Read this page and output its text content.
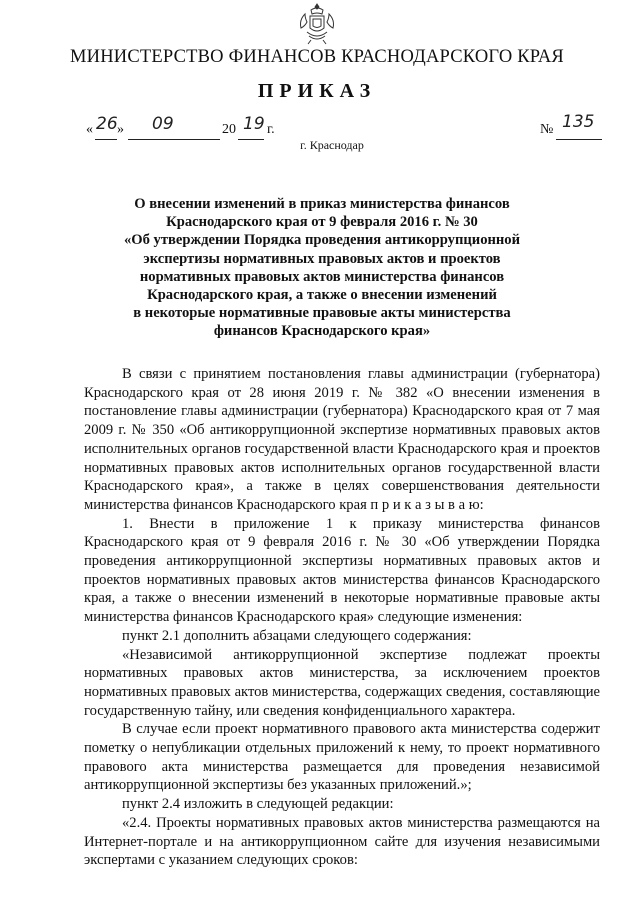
МИНИСТЕРСТВО ФИНАНСОВ КРАСНОДАРСКОГО КРАЯ
ПРИКАЗ
« 26 » 09	20 19 г.	№ 135
г. Краснодар
О внесении изменений в приказ министерства финансов
Краснодарского края от 9 февраля 2016 г. № 30
«Об утверждении Порядка проведения антикоррупционной
экспертизы нормативных правовых актов и проектов
нормативных правовых актов министерства финансов
Краснодарского края, а также о внесении изменений
в некоторые нормативные правовые акты министерства
финансов Краснодарского края»

В связи с принятием постановления главы администрации (губернатора) Краснодарского края от 28 июня 2019 г. № 382 «О внесении изменения в постановление главы администрации (губернатора) Краснодарского края от 7 мая 2009 г. № 350 «Об антикоррупционной экспертизе нормативных правовых актов исполнительных органов государственной власти Краснодарского края и проектов нормативных правовых актов исполнительных органов государственной власти Краснодарского края», а также в целях совершенствования деятельности министерства финансов Краснодарского края п р и к а з ы в а ю:

1. Внести в приложение 1 к приказу министерства финансов Краснодарского края от 9 февраля 2016 г. № 30 «Об утверждении Порядка проведения антикоррупционной экспертизы нормативных правовых актов и проектов нормативных правовых актов министерства финансов Краснодарского края, а также о внесении изменений в некоторые нормативные правовые акты министерства финансов Краснодарского края» следующие изменения:

пункт 2.1 дополнить абзацами следующего содержания:

«Независимой антикоррупционной экспертизе подлежат проекты нормативных правовых актов министерства, за исключением проектов нормативных правовых актов министерства, содержащих сведения, составляющие государственную тайну, или сведения конфиденциального характера.

В случае если проект нормативного правового акта министерства содержит пометку о непубликации отдельных приложений к нему, то проект нормативного правового акта министерства размещается для проведения независимой антикоррупционной экспертизы без указанных приложений.»;

пункт 2.4 изложить в следующей редакции:

«2.4. Проекты нормативных правовых актов министерства размещаются на Интернет-портале и на антикоррупционном сайте для изучения независимыми экспертами с указанием следующих сроков:
